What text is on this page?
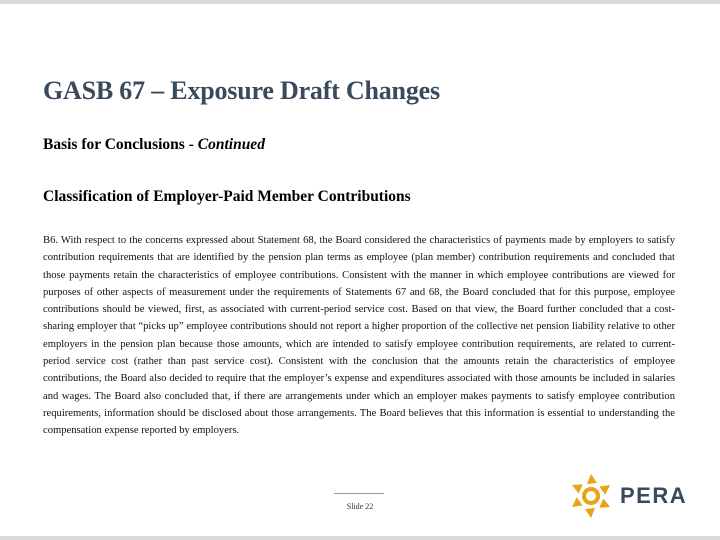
GASB 67 – Exposure Draft Changes
Basis for Conclusions - Continued
Classification of Employer-Paid Member Contributions
B6. With respect to the concerns expressed about Statement 68, the Board considered the characteristics of payments made by employers to satisfy contribution requirements that are identified by the pension plan terms as employee (plan member) contribution requirements and concluded that those payments retain the characteristics of employee contributions. Consistent with the manner in which employee contributions are viewed for purposes of other aspects of measurement under the requirements of Statements 67 and 68, the Board concluded that for this purpose, employee contributions should be viewed, first, as associated with current-period service cost. Based on that view, the Board further concluded that a cost-sharing employer that “picks up” employee contributions should not report a higher proportion of the collective net pension liability relative to other employers in the pension plan because those amounts, which are intended to satisfy employee contribution requirements, are related to current-period service cost (rather than past service cost). Consistent with the conclusion that the amounts retain the characteristics of employee contributions, the Board also decided to require that the employer’s expense and expenditures associated with those amounts be included in salaries and wages. The Board also concluded that, if there are arrangements under which an employer makes payments to satisfy employee contribution requirements, information should be disclosed about those arrangements. The Board believes that this information is essential to understanding the compensation expense reported by employers.
Slide 22	PERA
